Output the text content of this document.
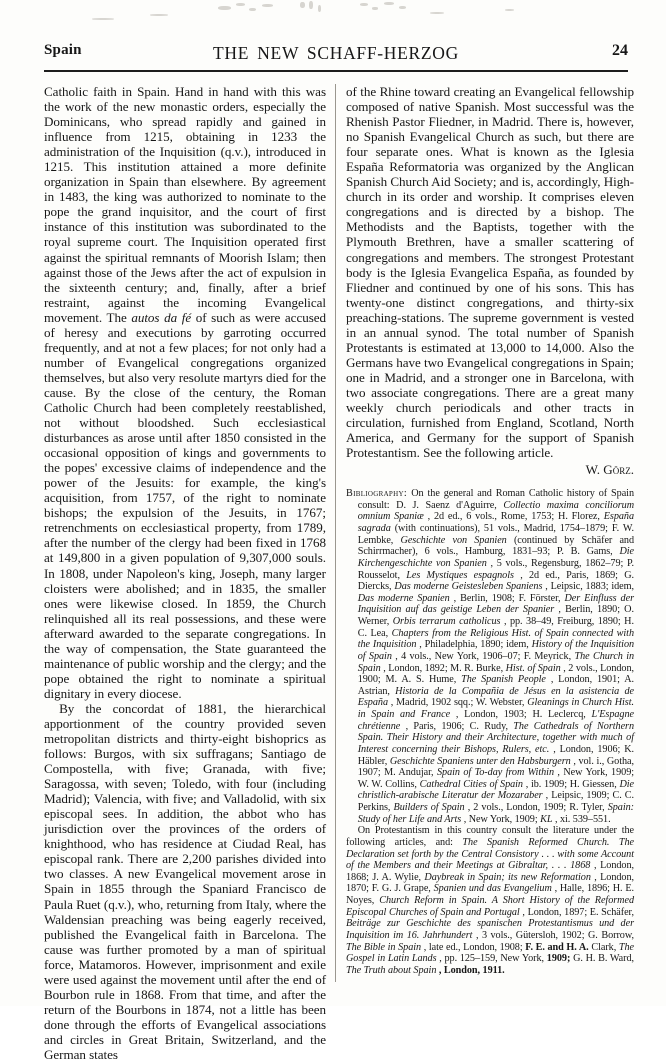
Spain	THE NEW SCHAFF-HERZOG	24

Catholic faith in Spain. Hand in hand with this was the work of the new monastic orders, especially the Dominicans, who spread rapidly and gained in influence from 1215, obtaining in 1233 the administration of the Inquisition (q.v.), introduced in 1215. This institution attained a more definite organization in Spain than elsewhere. By agreement in 1483, the king was authorized to nominate to the pope the grand inquisitor, and the court of first instance of this institution was subordinated to the royal supreme court. The Inquisition operated first against the spiritual remnants of Moorish Islam; then against those of the Jews after the act of expulsion in the sixteenth century; and, finally, after a brief restraint, against the incoming Evangelical movement. The autos da fé of such as were accused of heresy and executions by garroting occurred frequently, and at not a few places; for not only had a number of Evangelical congregations organized themselves, but also very resolute martyrs died for the cause. By the close of the century, the Roman Catholic Church had been completely reestablished, not without bloodshed. Such ecclesiastical disturbances as arose until after 1850 consisted in the occasional opposition of kings and governments to the popes' excessive claims of independence and the power of the Jesuits: for example, the king's acquisition, from 1757, of the right to nominate bishops; the expulsion of the Jesuits, in 1767; retrenchments on ecclesiastical property, from 1789, after the number of the clergy had been fixed in 1768 at 149,800 in a given population of 9,307,000 souls. In 1808, under Napoleon's king, Joseph, many larger cloisters were abolished; and in 1835, the smaller ones were likewise closed. In 1859, the Church relinquished all its real possessions, and these were afterward awarded to the separate congregations. In the way of compensation, the State guaranteed the maintenance of public worship and the clergy; and the pope obtained the right to nominate a spiritual dignitary in every diocese.

By the concordat of 1881, the hierarchical apportionment of the country provided seven metropolitan districts and thirty-eight bishoprics as follows: Burgos, with six suffragans; Santiago de Compostella, with five; Granada, with five; Saragossa, with seven; Toledo, with four (including Madrid); Valencia, with five; and Valladolid, with six episcopal sees. In addition, the abbot who has jurisdiction over the provinces of the orders of knighthood, who has residence at Ciudad Real, has episcopal rank. There are 2,200 parishes divided into two classes. A new Evangelical movement arose in Spain in 1855 through the Spaniard Francisco de Paula Ruet (q.v.), who, returning from Italy, where the Waldensian preaching was being eagerly received, published the Evangelical faith in Barcelona. The cause was further promoted by a man of spiritual force, Matamoros. However, imprisonment and exile were used against the movement until after the end of Bourbon rule in 1868. From that time, and after the return of the Bourbons in 1874, not a little has been done through the efforts of Evangelical associations and circles in Great Britain, Switzerland, and the German states

of the Rhine toward creating an Evangelical fellowship composed of native Spanish. Most successful was the Rhenish Pastor Fliedner, in Madrid. There is, however, no Spanish Evangelical Church as such, but there are four separate ones. What is known as the Iglesia España Reformatoria was organized by the Anglican Spanish Church Aid Society; and is, accordingly, High-church in its order and worship. It comprises eleven congregations and is directed by a bishop. The Methodists and the Baptists, together with the Plymouth Brethren, have a smaller scattering of congregations and members. The strongest Protestant body is the Iglesia Evangelica España, as founded by Fliedner and continued by one of his sons. This has twenty-one distinct congregations, and thirty-six preaching-stations. The supreme government is vested in an annual synod. The total number of Spanish Protestants is estimated at 13,000 to 14,000. Also the Germans have two Evangelical congregations in Spain; one in Madrid, and a stronger one in Barcelona, with two associate congregations. There are a great many weekly church periodicals and other tracts in circulation, furnished from England, Scotland, North America, and Germany for the support of Spanish Protestantism. See the following article.

W. Görz.

Bibliography: On the general and Roman Catholic history of Spain consult: D. J. Saenz d'Aguirre, Collectio maxima conciliorum omnium Spaniæ , 2d ed., 6 vols., Rome, 1753; H. Florez, España sagrada (with continuations), 51 vols., Madrid, 1754–1879; F. W. Lembke, Geschichte von Spanien (continued by Schäfer and Schirrmacher), 6 vols., Hamburg, 1831–93; P. B. Gams, Die Kirchengeschichte von Spanien , 5 vols., Regensburg, 1862–79; P. Rousselot, Les Mystiques espagnols , 2d ed., Paris, 1869; G. Diercks, Das moderne Geistesleben Spaniens , Leipsic, 1883; idem, Das moderne Spanien , Berlin, 1908; F. Förster, Der Einfluss der Inquisition auf das geistige Leben der Spanier , Berlin, 1890; O. Werner, Orbis terrarum catholicus , pp. 38–49, Freiburg, 1890; H. C. Lea, Chapters from the Religious Hist. of Spain connected with the Inquisition , Philadelphia, 1890; idem, History of the Inquisition of Spain , 4 vols., New York, 1906–07; F. Meyrick, The Church in Spain , London, 1892; M. R. Burke, Hist. of Spain , 2 vols., London, 1900; M. A. S. Hume, The Spanish People , London, 1901; A. Astrian, Historia de la Compañia de Jésus en la asistencia de España , Madrid, 1902 sqq.; W. Webster, Gleanings in Church Hist. in Spain and France , London, 1903; H. Leclercq, L'Espagne chrétienne , Paris, 1906; C. Rudy, The Cathedrals of Northern Spain. Their History and their Architecture, together with much of Interest concerning their Bishops, Rulers, etc. , London, 1906; K. Häbler, Geschichte Spaniens unter den Habsburgern , vol. i., Gotha, 1907; M. Andujar, Spain of To-day from Within , New York, 1909; W. W. Collins, Cathedral Cities of Spain , ib. 1909; H. Giessen, Die christlich-arabische Literatur der Mozaraber , Leipsic, 1909; C. C. Perkins, Builders of Spain , 2 vols., London, 1909; R. Tyler, Spain: Study of her Life and Arts , New York, 1909; KL , xi. 539–551.

On Protestantism in this country consult the literature under the following articles, and: The Spanish Reformed Church. The Declaration set forth by the Central Consistory . . . with some Account of the Members and their Meetings at Gibraltar, . . . 1868 , London, 1868; J. A. Wylie, Daybreak in Spain; its new Reformation , London, 1870; F. G. J. Grape, Spanien und das Evangelium , Halle, 1896; H. E. Noyes, Church Reform in Spain. A Short History of the Reformed Episcopal Churches of Spain and Portugal , London, 1897; E. Schäfer, Beiträge zur Geschichte des spanischen Protestantismus und der Inquisition im 16. Jahrhundert , 3 vols., Gütersloh, 1902; G. Borrow, The Bible in Spain , late ed., London, 1908; F. E. and H. A. Clark, The Gospel in Latin Lands , pp. 125–159, New York, 1909; G. H. B. Ward, The Truth about Spain , London, 1911.
